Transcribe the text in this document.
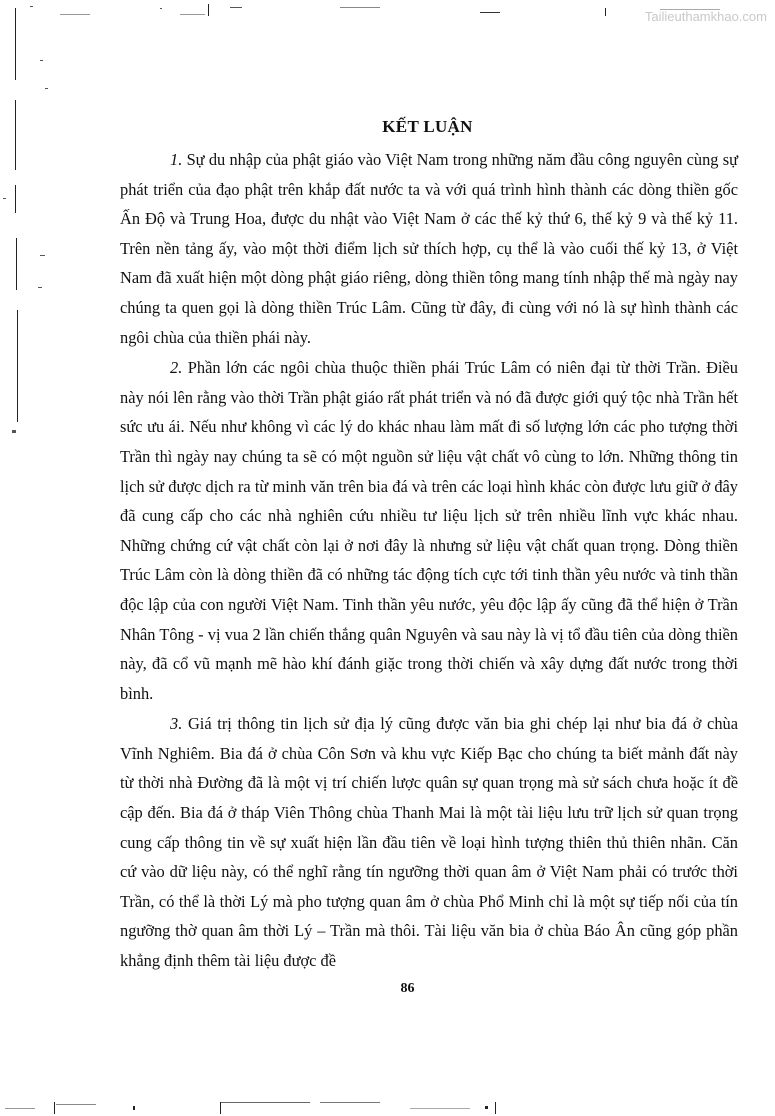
Tailieuthamkhao.com
KẾT LUẬN

1. Sự du nhập của phật giáo vào Việt Nam trong những năm đầu công nguyên cùng sự phát triển của đạo phật trên khắp đất nước ta và với quá trình hình thành các dòng thiền gốc Ấn Độ và Trung Hoa, được du nhật vào Việt Nam ở các thế kỷ thứ 6, thế kỷ 9 và thế kỷ 11. Trên nền tảng ấy, vào một thời điểm lịch sử thích hợp, cụ thể là vào cuối thế kỷ 13, ở Việt Nam đã xuất hiện một dòng phật giáo riêng, dòng thiền tông mang tính nhập thế mà ngày nay chúng ta quen gọi là dòng thiền Trúc Lâm. Cũng từ đây, đi cùng với nó là sự hình thành các ngôi chùa của thiền phái này.

2. Phần lớn các ngôi chùa thuộc thiền phái Trúc Lâm có niên đại từ thời Trần. Điều này nói lên rằng vào thời Trần phật giáo rất phát triển và nó đã được giới quý tộc nhà Trần hết sức ưu ái. Nếu như không vì các lý do khác nhau làm mất đi số lượng lớn các pho tượng thời Trần thì ngày nay chúng ta sẽ có một nguồn sử liệu vật chất vô cùng to lớn. Những thông tin lịch sử được dịch ra từ minh văn trên bia đá và trên các loại hình khác còn được lưu giữ ở đây đã cung cấp cho các nhà nghiên cứu nhiều tư liệu lịch sử trên nhiều lĩnh vực khác nhau. Những chứng cứ vật chất còn lại ở nơi đây là nhưng sử liệu vật chất quan trọng. Dòng thiền Trúc Lâm còn là dòng thiền đã có những tác động tích cực tới tinh thần yêu nước và tinh thần độc lập của con người Việt Nam. Tinh thần yêu nước, yêu độc lập ấy cũng đã thể hiện ở Trần Nhân Tông - vị vua 2 lần chiến thắng quân Nguyên và sau này là vị tổ đầu tiên của dòng thiền này, đã cổ vũ mạnh mẽ hào khí đánh giặc trong thời chiến và xây dựng đất nước trong thời bình.

3. Giá trị thông tin lịch sử địa lý cũng được văn bia ghi chép lại như bia đá ở chùa Vĩnh Nghiêm. Bia đá ở chùa Côn Sơn và khu vực Kiếp Bạc cho chúng ta biết mảnh đất này từ thời nhà Đường đã là một vị trí chiến lược quân sự quan trọng mà sử sách chưa hoặc ít đề cập đến. Bia đá ở tháp Viên Thông chùa Thanh Mai là một tài liệu lưu trữ lịch sử quan trọng cung cấp thông tin về sự xuất hiện lần đầu tiên về loại hình tượng thiên thủ thiên nhãn. Căn cứ vào dữ liệu này, có thể nghĩ rằng tín ngưỡng thời quan âm ở Việt Nam phải có trước thời Trần, có thể là thời Lý mà pho tượng quan âm ở chùa Phổ Minh chỉ là một sự tiếp nối của tín ngưỡng thờ quan âm thời Lý – Trần mà thôi. Tài liệu văn bia ở chùa Báo Ân cũng góp phần khẳng định thêm tài liệu được đề

86
